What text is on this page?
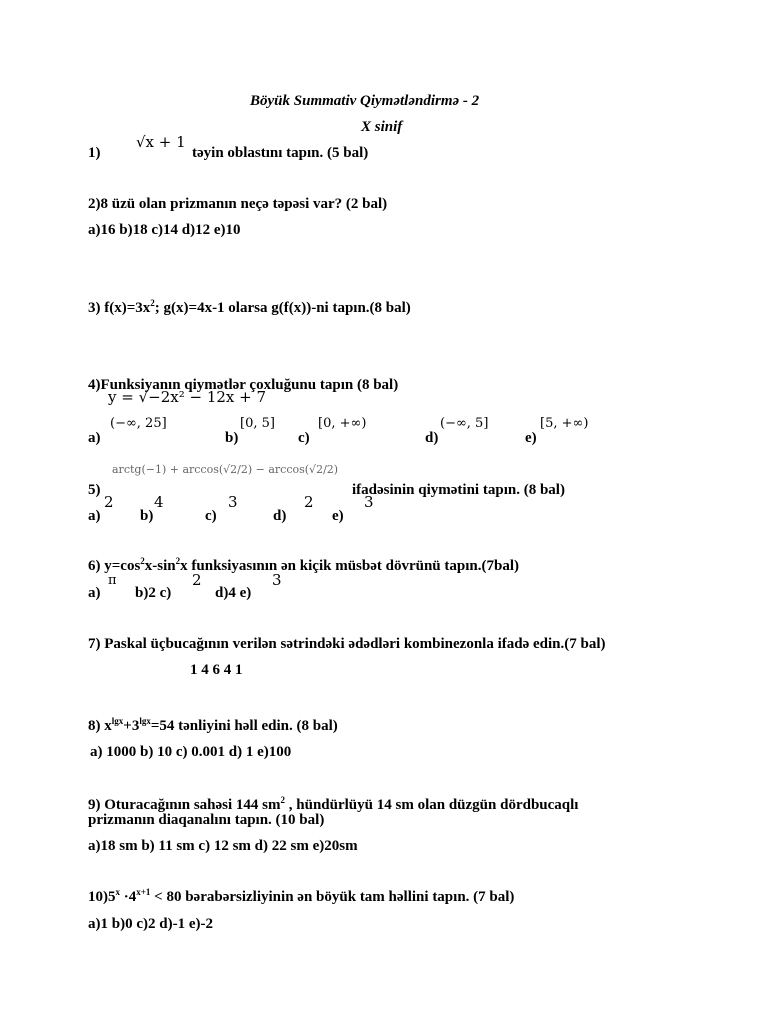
Böyük Summativ Qiymətləndirmə - 2
X sinif
1)
√x + 1
təyin oblastını tapın. (5 bal)
2)8 üzü olan prizmanın neçə təpəsi var? (2 bal)
a)16 b)18 c)14 d)12 e)10
3) $f(x)=3x^2$; g(x)=4x-1 olarsa g(f(x))-ni tapın.(8 bal)
4)Funksiyanın qiymətlər çoxluğunu tapın (8 bal)
y = √−2x² − 12x + 7
a)
(−∞, 25]
b)
[0, 5]
c)
[0, +∞)
d)
(−∞, 5]
e)
[5, +∞)
arctg(−1) + arccos(√2/2) − arccos(√2/2)
5)	ifadəsinin qiymətini tapın. (8 bal)
a)
2
b)
4
c)
3
d)
2
e)
3
6) $y=\cos^2x-\sin^2x$ funksiyasının ən kiçik müsbət dövrünü tapın.(7bal)
a)
π
b)2 c)
2
d)4 e)
3
7) Paskal üçbucağının verilən sətrindəki ədədləri kombinezonla ifadə edin.(7 bal)
1 4 6 4 1
8) $x^{lgx}+3^{lgx}=54$ tənliyini həll edin. (8 bal)
a) 1000 b) 10 c) 0.001 d) 1 e)100
9) Oturacağının sahəsi 144 $sm^2$ , hündürlüyü 14 sm olan düzgün dördbucaqlı
prizmanın diaqanalını tapın. (10 bal)
a)18 sm b) 11 sm c) 12 sm d) 22 sm e)20sm
$10)5^x \cdot 4^{x+1} < 80$ bərabərsizliyinin ən böyük tam həllini tapın. (7 bal)
a)1 b)0 c)2 d)-1 e)-2
